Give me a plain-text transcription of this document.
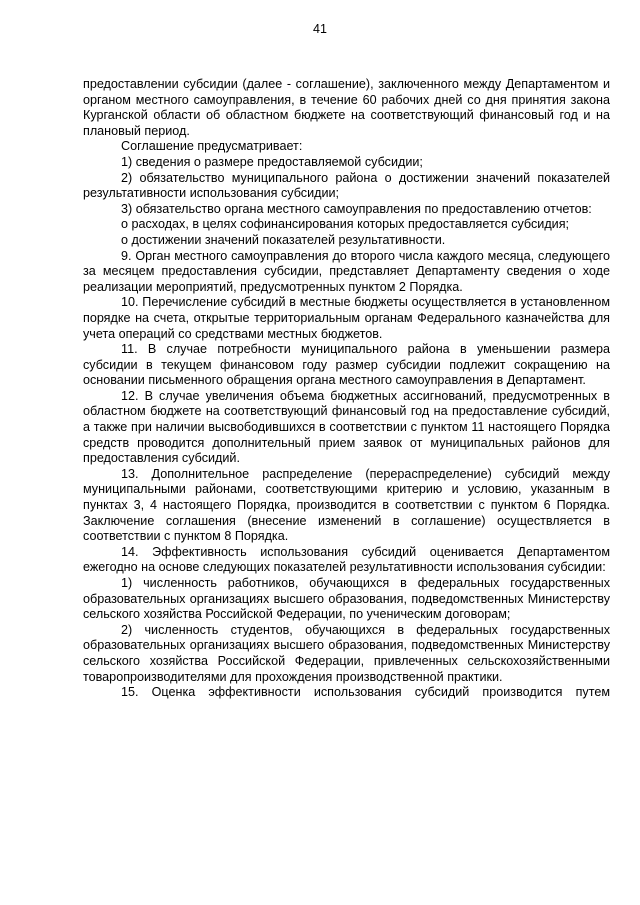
41

предоставлении субсидии (далее - соглашение), заключенного между Департаментом и органом местного самоуправления, в течение 60 рабочих дней со дня принятия закона Курганской области об областном бюджете на соответствующий финансовый год и на плановый период.

Соглашение предусматривает:

1) сведения о размере предоставляемой субсидии;

2) обязательство муниципального района о достижении значений показателей результативности использования субсидии;

3) обязательство органа местного самоуправления по предоставлению отчетов:

о расходах, в целях софинансирования которых предоставляется субсидия;

о достижении значений показателей результативности.

9. Орган местного самоуправления до второго числа каждого месяца, следующего за месяцем предоставления субсидии, представляет Департаменту сведения о ходе реализации мероприятий, предусмотренных пунктом 2 Порядка.

10. Перечисление субсидий в местные бюджеты осуществляется в установленном порядке на счета, открытые территориальным органам Федерального казначейства для учета операций со средствами местных бюджетов.

11. В случае потребности муниципального района в уменьшении размера субсидии в текущем финансовом году размер субсидии подлежит сокращению на основании письменного обращения органа местного самоуправления в Департамент.

12. В случае увеличения объема бюджетных ассигнований, предусмотренных в областном бюджете на соответствующий финансовый год на предоставление субсидий, а также при наличии высвободившихся в соответствии с пунктом 11 настоящего Порядка средств проводится дополнительный прием заявок от муниципальных районов для предоставления субсидий.

13. Дополнительное распределение (перераспределение) субсидий между муниципальными районами, соответствующими критерию и условию, указанным в пунктах 3, 4 настоящего Порядка, производится в соответствии с пунктом 6 Порядка. Заключение соглашения (внесение изменений в соглашение) осуществляется в соответствии с пунктом 8 Порядка.

14. Эффективность использования субсидий оценивается Департаментом ежегодно на основе следующих показателей результативности использования субсидии:

1) численность работников, обучающихся в федеральных государственных образовательных организациях высшего образования, подведомственных Министерству сельского хозяйства Российской Федерации, по ученическим договорам;

2) численность студентов, обучающихся в федеральных государственных образовательных организациях высшего образования, подведомственных Министерству сельского хозяйства Российской Федерации, привлеченных сельскохозяйственными товаропроизводителями для прохождения производственной практики.

15. Оценка эффективности использования субсидий производится путем
